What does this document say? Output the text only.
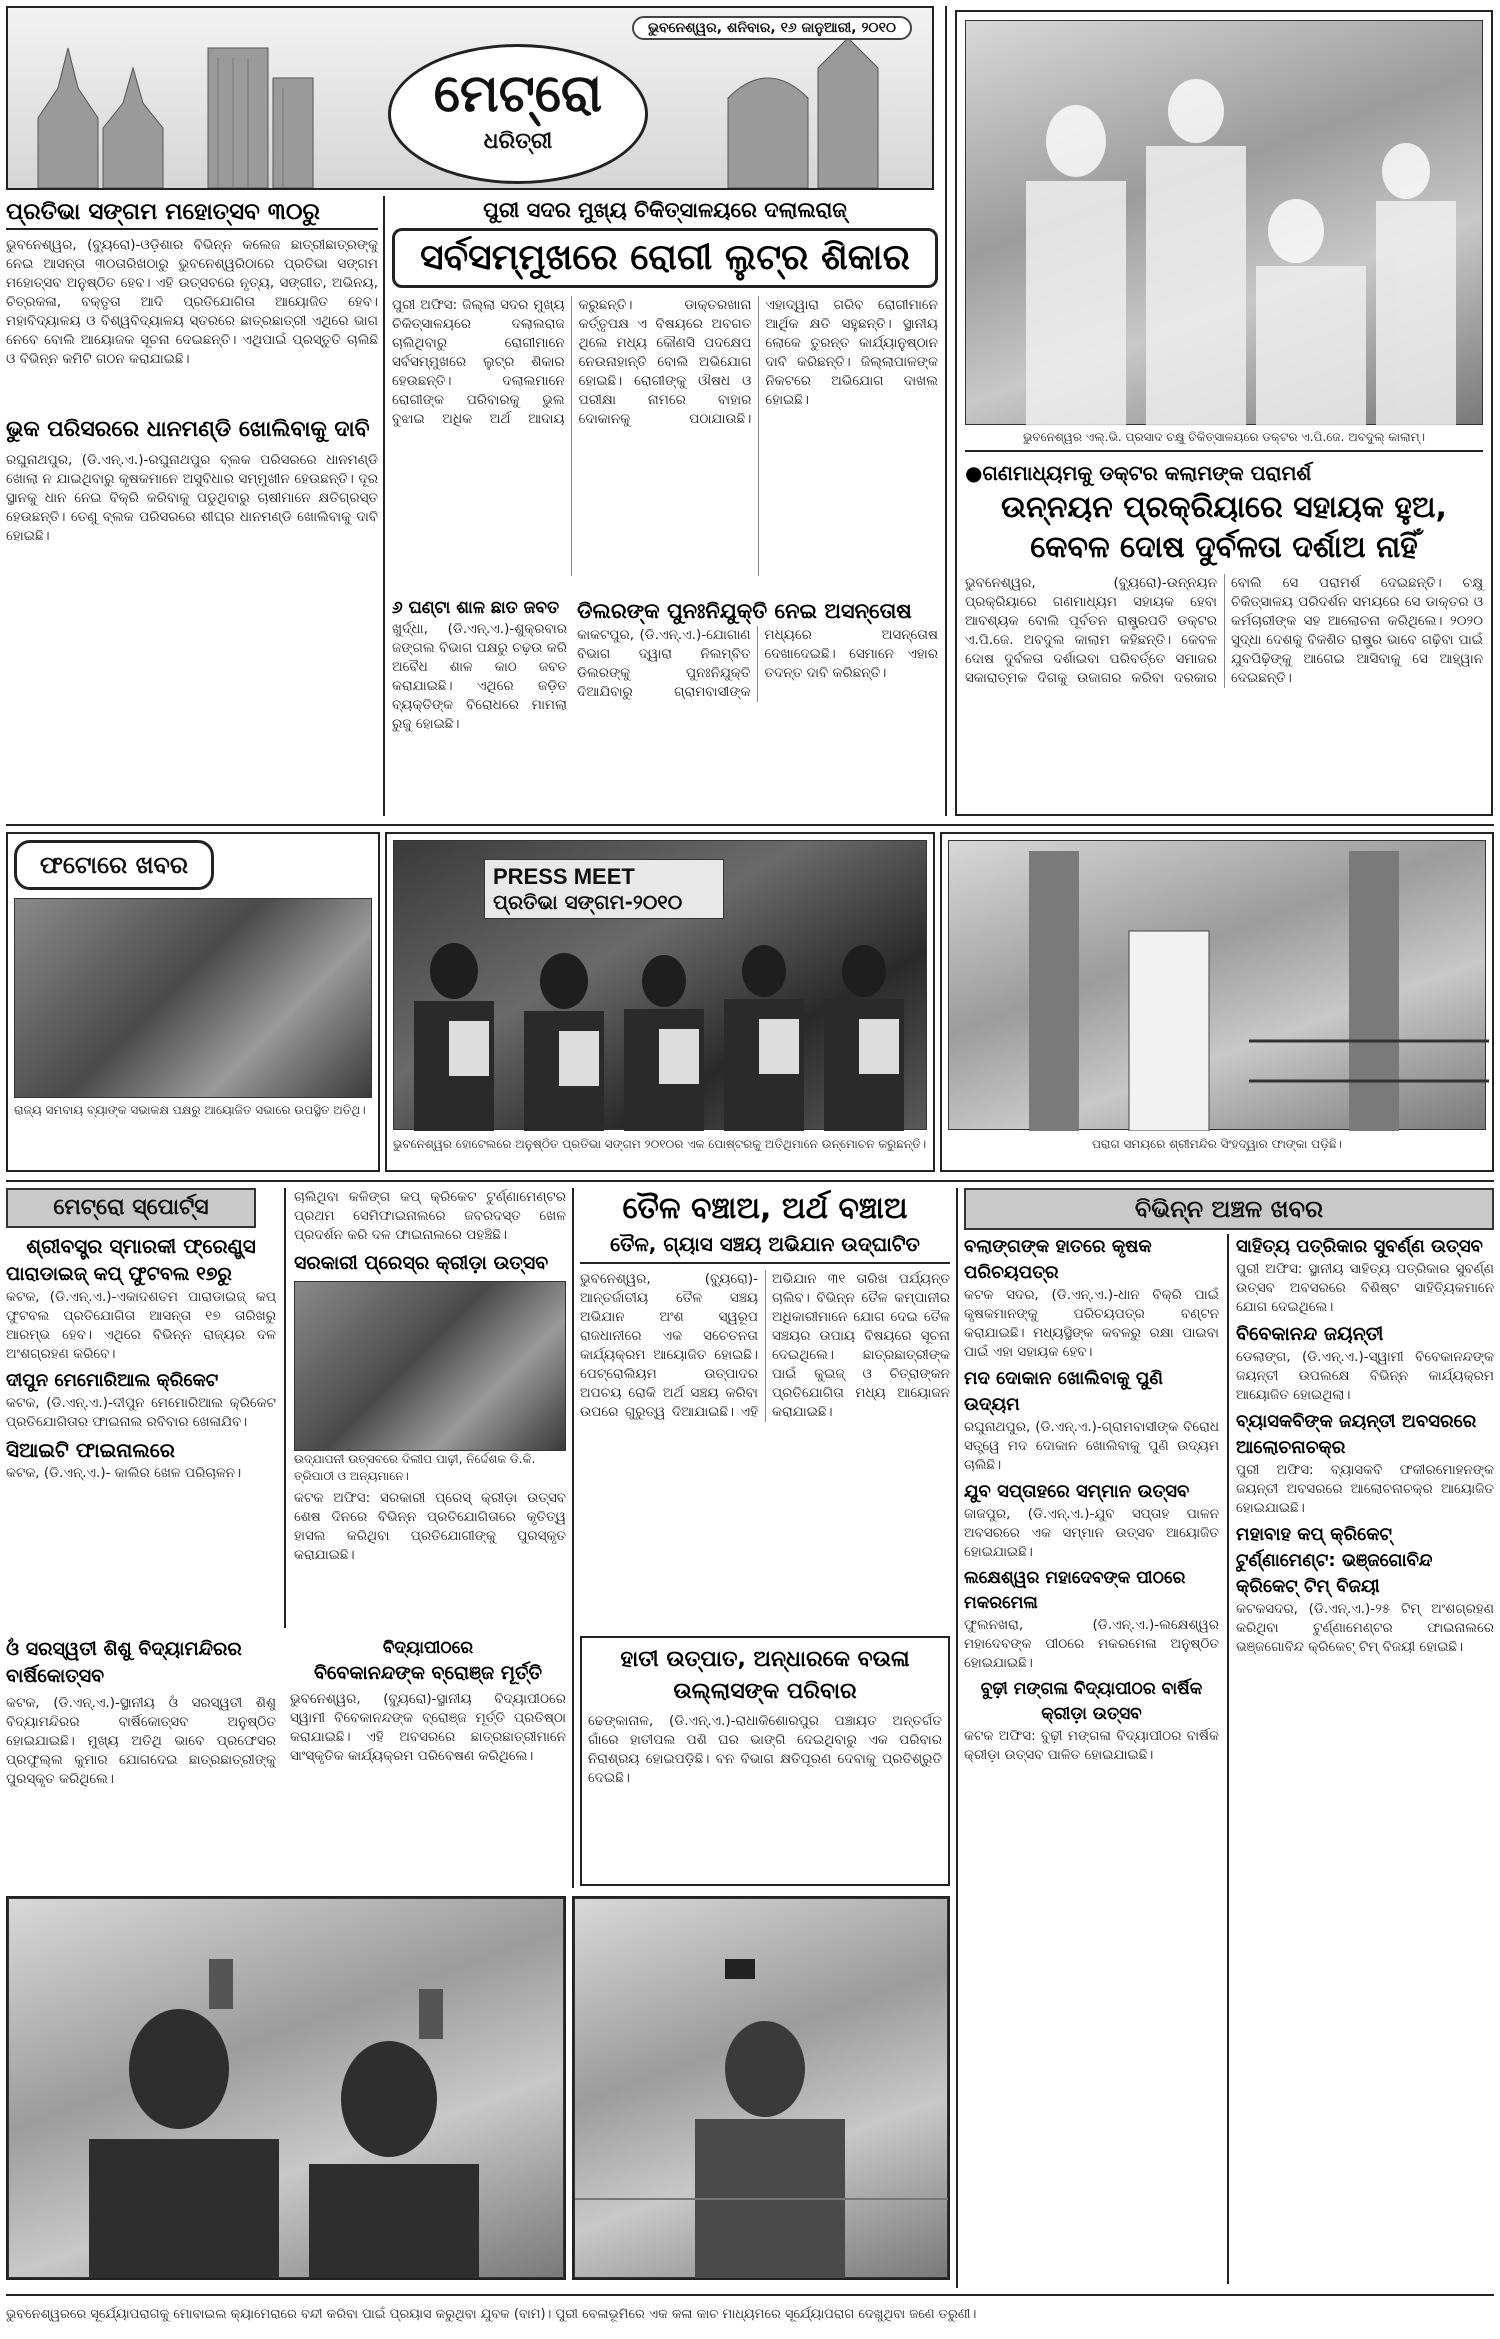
ଭୁବନେଶ୍ୱର, ଶନିବାର, ୧୬ ଜାନୁଆରୀ, ୨୦୧୦
ମେଟ୍ରୋ
ଧରିତ୍ରୀ
ପ୍ରତିଭା ସଙ୍ଗମ ମହୋତ୍ସବ ୩୦ରୁ
ଭୁବନେଶ୍ୱର, (ବ୍ୟୁରୋ)-ଓଡ଼ିଶାର ବିଭିନ୍ନ କଲେଜ ଛାତ୍ରୀଛାତ୍ରଙ୍କୁ ନେଇ ଆସନ୍ତା ୩୦ତାରିଖଠାରୁ ଭୁବନେଶ୍ୱରିଠାରେ ପ୍ରତିଭା ସଙ୍ଗମ ମହୋତ୍ସବ ଅନୁଷ୍ଠିତ ହେବ। ଏହି ଉତ୍ସବରେ ନୃତ୍ୟ, ସଙ୍ଗୀତ, ଅଭିନୟ, ଚିତ୍ରକଳା, ବକ୍ତୃତା ଆଦି ପ୍ରତିଯୋଗିତା ଆୟୋଜିତ ହେବ। ମହାବିଦ୍ୟାଳୟ ଓ ବିଶ୍ୱବିଦ୍ୟାଳୟ ସ୍ତରରେ ଛାତ୍ରଛାତ୍ରୀ ଏଥିରେ ଭାଗ ନେବେ ବୋଲି ଆୟୋଜକ ସୂଚନା ଦେଇଛନ୍ତି। ଏଥିପାଇଁ ପ୍ରସ୍ତୁତି ଚାଲିଛି ଓ ବିଭିନ୍ନ କମିଟି ଗଠନ କରାଯାଇଛି।
ଭୁକ ପରିସରରେ ଧାନମଣ୍ଡି ଖୋଲିବାକୁ ଦାବି
ରଘୁନାଥପୁର, (ଡି.ଏନ୍.ଏ.)-ରଘୁନାଥପୁର ବ୍ଲକ ପରିସରରେ ଧାନମଣ୍ଡି ଖୋଲା ନ ଯାଇଥିବାରୁ କୃଷକମାନେ ଅସୁବିଧାର ସମ୍ମୁଖୀନ ହେଉଛନ୍ତି। ଦୂର ସ୍ଥାନକୁ ଧାନ ନେଇ ବିକ୍ରି କରିବାକୁ ପଡୁଥିବାରୁ ଚାଷୀମାନେ କ୍ଷତିଗ୍ରସ୍ତ ହେଉଛନ୍ତି। ତେଣୁ ବ୍ଲକ ପରିସରରେ ଶୀଘ୍ର ଧାନମଣ୍ଡି ଖୋଲିବାକୁ ଦାବି ହୋଇଛି।
ପୁରୀ ସଦର ମୁଖ୍ୟ ଚିକିତ୍ସାଳୟରେ ଦଲାଲରାଜ୍
ସର୍ବସମ୍ମୁଖରେ ରୋଗୀ ଲୁଟ୍‌ର ଶିକାର
ପୁରୀ ଅଫିସ: ଜିଲ୍ଲା ସଦର ମୁଖ୍ୟ ଚିକିତ୍ସାଳୟରେ ଦଲାଲରାଜ ଚାଲିଥିବାରୁ ରୋଗୀମାନେ ସର୍ବସମ୍ମୁଖରେ ଲୁଟ୍‌ର ଶିକାର ହେଉଛନ୍ତି। ଦଲାଲମାନେ ରୋଗୀଙ୍କ ପରିବାରକୁ ଭୁଲ ବୁଝାଇ ଅଧିକ ଅର୍ଥ ଆଦାୟ କରୁଛନ୍ତି। ଡାକ୍ତରଖାନା କର୍ତ୍ତୃପକ୍ଷ ଏ ବିଷୟରେ ଅବଗତ ଥିଲେ ମଧ୍ୟ କୌଣସି ପଦକ୍ଷେପ ନେଉନାହାନ୍ତି ବୋଲି ଅଭିଯୋଗ ହୋଇଛି। ରୋଗୀଙ୍କୁ ଔଷଧ ଓ ପରୀକ୍ଷା ନାମରେ ବାହାର ଦୋକାନକୁ ପଠାଯାଉଛି। ଏହାଦ୍ୱାରା ଗରିବ ରୋଗୀମାନେ ଆର୍ଥିକ କ୍ଷତି ସହୁଛନ୍ତି। ସ୍ଥାନୀୟ ଲୋକେ ତୁରନ୍ତ କାର୍ଯ୍ୟାନୁଷ୍ଠାନ ଦାବି କରିଛନ୍ତି। ଜିଲ୍ଲାପାଳଙ୍କ ନିକଟରେ ଅଭିଯୋଗ ଦାଖଲ ହୋଇଛି।
୬ ଘଣ୍ଟା ଶାଳ ଛାତ ଜବତ
ଖୁର୍ଦ୍ଧା, (ଡି.ଏନ୍.ଏ.)-ଶୁକ୍ରବାର ଜଙ୍ଗଲ ବିଭାଗ ପକ୍ଷରୁ ଚଢ଼ଉ କରି ଅବୈଧ ଶାଳ କାଠ ଜବତ କରାଯାଇଛି। ଏଥିରେ ଜଡ଼ିତ ବ୍ୟକ୍ତିଙ୍କ ବିରୋଧରେ ମାମଲା ରୁଜୁ ହୋଇଛି।
ଡିଲରଙ୍କ ପୁନଃନିଯୁକ୍ତି ନେଇ ଅସନ୍ତୋଷ
କାକଟପୁର, (ଡି.ଏନ୍.ଏ.)-ଯୋଗାଣ ବିଭାଗ ଦ୍ୱାରା ନିଲମ୍ବିତ ଡିଲରଙ୍କୁ ପୁନଃନିଯୁକ୍ତି ଦିଆଯିବାରୁ ଗ୍ରାମବାସୀଙ୍କ ମଧ୍ୟରେ ଅସନ୍ତୋଷ ଦେଖାଦେଇଛି। ସେମାନେ ଏହାର ତଦନ୍ତ ଦାବି କରିଛନ୍ତି।
ଭୁବନେଶ୍ୱର ଏଲ୍.ଭି. ପ୍ରସାଦ ଚକ୍ଷୁ ଚିକିତ୍ସାଳୟରେ ଡକ୍ଟର ଏ.ପି.ଜେ. ଅବଦୁଲ୍ କାଲାମ୍।
●ଗଣମାଧ୍ୟମକୁ ଡକ୍ଟର କଲାମଙ୍କ ପରାମର୍ଶ
ଉନ୍ନୟନ ପ୍ରକ୍ରିୟାରେ ସହାୟକ ହୁଅ, କେବଳ ଦୋଷ ଦୁର୍ବଳତା ଦର୍ଶାଅ ନାହିଁ
ଭୁବନେଶ୍ୱର, (ବ୍ୟୁରୋ)-ଉନ୍ନୟନ ପ୍ରକ୍ରିୟାରେ ଗଣମାଧ୍ୟମ ସହାୟକ ହେବା ଆବଶ୍ୟକ ବୋଲି ପୂର୍ବତନ ରାଷ୍ଟ୍ରପତି ଡକ୍ଟର ଏ.ପି.ଜେ. ଅବଦୁଲ କାଲାମ କହିଛନ୍ତି। କେବଳ ଦୋଷ ଦୁର୍ବଳତା ଦର୍ଶାଇବା ପରିବର୍ତ୍ତେ ସମାଜର ସକାରାତ୍ମକ ଦିଗକୁ ଉଜାଗର କରିବା ଦରକାର ବୋଲି ସେ ପରାମର୍ଶ ଦେଇଛନ୍ତି। ଚକ୍ଷୁ ଚିକିତ୍ସାଳୟ ପରିଦର୍ଶନ ସମୟରେ ସେ ଡାକ୍ତର ଓ କର୍ମଚାରୀଙ୍କ ସହ ଆଲୋଚନା କରିଥିଲେ। ୨୦୨୦ ସୁଦ୍ଧା ଦେଶକୁ ବିକଶିତ ରାଷ୍ଟ୍ର ଭାବେ ଗଢ଼ିବା ପାଇଁ ଯୁବପିଢ଼ିଙ୍କୁ ଆଗେଇ ଆସିବାକୁ ସେ ଆହ୍ୱାନ ଦେଇଛନ୍ତି।
ଫଟୋରେ ଖବର
ରାଜ୍ୟ ସମବାୟ ବ୍ୟାଙ୍କ ସଭାକକ୍ଷ ପକ୍ଷରୁ ଆୟୋଜିତ ସଭାରେ ଉପସ୍ଥିତ ଅତିଥି।
PRESS MEET
ପ୍ରତିଭା ସଙ୍ଗମ-୨୦୧୦
ଭୁବନେଶ୍ୱର ହୋଟେଲରେ ଅନୁଷ୍ଠିତ ପ୍ରତିଭା ସଙ୍ଗମ ୨୦୧୦ର ଏକ ପୋଷ୍ଟରକୁ ଅତିଥିମାନେ ଉନ୍ମୋଚନ କରୁଛନ୍ତି।	ପରାଗ ସମୟରେ ଶ୍ରୀମନ୍ଦିର ସିଂହଦ୍ୱାର ଫାଙ୍କା ପଡ଼ିଛି।
ମେଟ୍ରୋ ସ୍ପୋର୍ଟ୍ସ
ଶ୍ରୀବସ୍ତ୍ର ସ୍ମାରକୀ ଫ୍ରେଣ୍ଡ୍ସ
ପାରାଡାଇଜ୍ କପ୍ ଫୁଟବଲ ୧୭ରୁ
କଟକ, (ଡି.ଏନ୍.ଏ.)-ଏକାଦଶତମ ପାରାଡାଇଜ୍ କପ୍ ଫୁଟବଲ ପ୍ରତିଯୋଗିତା ଆସନ୍ତା ୧୭ ତାରିଖରୁ ଆରମ୍ଭ ହେବ। ଏଥିରେ ବିଭିନ୍ନ ରାଜ୍ୟର ଦଳ ଅଂଶଗ୍ରହଣ କରିବେ।
ଦୀପୁନ ମେମୋରିଆଲ କ୍ରିକେଟ
କଟକ, (ଡି.ଏନ୍.ଏ.)-ଦୀପୁନ ମେମୋରିଆଲ କ୍ରିକେଟ ପ୍ରତିଯୋଗିତାର ଫାଇନାଲ ରବିବାର ଖେଳାଯିବ।
ସିଆଇଟି ଫାଇନାଲରେ
କଟକ, (ଡି.ଏନ୍.ଏ.)- କାଲିର ଖେଳ ପରିଚାଳନ।
ଚାଲିଥିବା କଳିଙ୍ଗ କପ୍ କ୍ରିକେଟ ଟୁର୍ଣ୍ଣାମେଣ୍ଟର ପ୍ରଥମ ସେମିଫାଇନାଲରେ ଜବରଦସ୍ତ ଖେଳ ପ୍ରଦର୍ଶନ କରି ଦଳ ଫାଇନାଲରେ ପହଞ୍ଚିଛି।
ସରକାରୀ ପ୍ରେସ୍‌ର କ୍ରୀଡ଼ା ଉତ୍ସବ
ଉଦ୍‌ଯାପନୀ ଉତ୍ସବରେ ଦିଲୀପ ପାଢ଼ୀ, ନିର୍ଦ୍ଦେଶକ ଡି.କି. ତ୍ରିପାଠୀ ଓ ଅନ୍ୟମାନେ।
କଟକ ଅଫିସ: ସରକାରୀ ପ୍ରେସ୍ କ୍ରୀଡ଼ା ଉତ୍ସବ ଶେଷ ଦିନରେ ବିଭିନ୍ନ ପ୍ରତିଯୋଗିତାରେ କୃତିତ୍ୱ ହାସଲ କରିଥିବା ପ୍ରତିଯୋଗୀଙ୍କୁ ପୁରସ୍କୃତ କରାଯାଇଛି।
ଓଁ ସରସ୍ୱତୀ ଶିଶୁ ବିଦ୍ୟାମନ୍ଦିରର ବାର୍ଷିକୋତ୍ସବ
କଟକ, (ଡି.ଏନ୍.ଏ.)-ସ୍ଥାନୀୟ ଓଁ ସରସ୍ୱତୀ ଶିଶୁ ବିଦ୍ୟାମନ୍ଦିରର ବାର୍ଷିକୋତ୍ସବ ଅନୁଷ୍ଠିତ ହୋଇଯାଇଛି। ମୁଖ୍ୟ ଅତିଥି ଭାବେ ପ୍ରଫେସର ପ୍ରଫୁଲ୍ଲ କୁମାର ଯୋଗଦେଇ ଛାତ୍ରଛାତ୍ରୀଙ୍କୁ ପୁରସ୍କୃତ କରିଥିଲେ।
ବିଦ୍ୟାପୀଠରେ
ବିବେକାନନ୍ଦଙ୍କ ବ୍ରୋଞ୍ଜ ମୂର୍ତ୍ତି
ଭୁବନେଶ୍ୱର, (ବ୍ୟୁରୋ)-ସ୍ଥାନୀୟ ବିଦ୍ୟାପୀଠରେ ସ୍ୱାମୀ ବିବେକାନନ୍ଦଙ୍କ ବ୍ରୋଞ୍ଜ ମୂର୍ତ୍ତି ପ୍ରତିଷ୍ଠା କରାଯାଇଛି। ଏହି ଅବସରରେ ଛାତ୍ରଛାତ୍ରୀମାନେ ସାଂସ୍କୃତିକ କାର୍ଯ୍ୟକ୍ରମ ପରିବେଷଣ କରିଥିଲେ।
ତୈଳ ବଞ୍ଚାଅ, ଅର୍ଥ ବଞ୍ଚାଅ
ତୈଳ, ଗ୍ୟାସ ସଞ୍ଚୟ ଅଭିଯାନ ଉଦ୍‌ଘାଟିତ
ଭୁବନେଶ୍ୱର, (ବ୍ୟୁରୋ)-ଆନ୍ତର୍ଜାତୀୟ ତୈଳ ସଞ୍ଚୟ ଅଭିଯାନ ଅଂଶ ସ୍ୱରୂପ ରାଜଧାନୀରେ ଏକ ସଚେତନତା କାର୍ଯ୍ୟକ୍ରମ ଆୟୋଜିତ ହୋଇଛି। ପେଟ୍ରୋଲିୟମ ଉତ୍ପାଦର ଅପଚୟ ରୋକି ଅର୍ଥ ସଞ୍ଚୟ କରିବା ଉପରେ ଗୁରୁତ୍ୱ ଦିଆଯାଇଛି। ଏହି ଅଭିଯାନ ୩୧ ତାରିଖ ପର୍ଯ୍ୟନ୍ତ ଚାଲିବ। ବିଭିନ୍ନ ତୈଳ କମ୍ପାନୀର ଅଧିକାରୀମାନେ ଯୋଗ ଦେଇ ତୈଳ ସଞ୍ଚୟର ଉପାୟ ବିଷୟରେ ସୂଚନା ଦେଇଥିଲେ। ଛାତ୍ରଛାତ୍ରୀଙ୍କ ପାଇଁ କୁଇଜ୍ ଓ ଚିତ୍ରାଙ୍କନ ପ୍ରତିଯୋଗିତା ମଧ୍ୟ ଆୟୋଜନ କରାଯାଇଛି।
ହାତୀ ଉତ୍ପାତ, ଅନ୍ଧାରକେ ବଉଳା ଉଲ୍ଲାସଙ୍କ ପରିବାର
ଢେଙ୍କାନାଳ, (ଡି.ଏନ୍.ଏ.)-ରାଧାକିଶୋରପୁର ପଞ୍ଚାୟତ ଅନ୍ତର୍ଗତ ଗାଁରେ ହାତୀପଲ ପଶି ଘର ଭାଙ୍ଗି ଦେଇଥିବାରୁ ଏକ ପରିବାର ନିରାଶ୍ରୟ ହୋଇପଡ଼ିଛି। ବନ ବିଭାଗ କ୍ଷତିପୂରଣ ଦେବାକୁ ପ୍ରତିଶ୍ରୁତି ଦେଇଛି।
ବିଭିନ୍ନ ଅଞ୍ଚଳ ଖବର
ବଲାଙ୍ଗଙ୍କ ହାତରେ କୃଷକ ପରିଚୟପତ୍ର
କଟକ ସଦର, (ଡି.ଏନ୍.ଏ.)-ଧାନ ବିକ୍ରି ପାଇଁ କୃଷକମାନଙ୍କୁ ପରିଚୟପତ୍ର ବଣ୍ଟନ କରାଯାଇଛି। ମଧ୍ୟସ୍ଥିଙ୍କ କବଳରୁ ରକ୍ଷା ପାଇବା ପାଇଁ ଏହା ସହାୟକ ହେବ।
ମଦ ଦୋକାନ ଖୋଲିବାକୁ ପୁଣି ଉଦ୍ୟମ
ରଘୁନାଥପୁର, (ଡି.ଏନ୍.ଏ.)-ଗ୍ରାମବାସୀଙ୍କ ବିରୋଧ ସତ୍ତ୍ୱେ ମଦ ଦୋକାନ ଖୋଲିବାକୁ ପୁଣି ଉଦ୍ୟମ ଚାଲିଛି।
ଯୁବ ସପ୍ତାହରେ ସମ୍ମାନ ଉତ୍ସବ
ଜାଜପୁର, (ଡି.ଏନ୍.ଏ.)-ଯୁବ ସପ୍ତାହ ପାଳନ ଅବସରରେ ଏକ ସମ୍ମାନ ଉତ୍ସବ ଆୟୋଜିତ ହୋଇଯାଇଛି।
ଲକ୍ଷେଶ୍ୱର ମହାଦେବଙ୍କ ପୀଠରେ ମକରମେଳା
ଫୁଲନଖରା, (ଡି.ଏନ୍.ଏ.)-ଲକ୍ଷେଶ୍ୱର ମହାଦେବଙ୍କ ପୀଠରେ ମକରମେଳା ଅନୁଷ୍ଠିତ ହୋଇଯାଇଛି।
ବୁଢ଼ୀ ମଙ୍ଗଳା ବିଦ୍ୟାପୀଠର ବାର୍ଷିକ କ୍ରୀଡ଼ା ଉତ୍ସବ
କଟକ ଅଫିସ: ବୁଢ଼ୀ ମଙ୍ଗଳା ବିଦ୍ୟାପୀଠର ବାର୍ଷିକ କ୍ରୀଡ଼ା ଉତ୍ସବ ପାଳିତ ହୋଇଯାଇଛି।
ସାହିତ୍ୟ ପତ୍ରିକାର ସୁବର୍ଣ୍ଣ ଉତ୍ସବ
ପୁରୀ ଅଫିସ: ସ୍ଥାନୀୟ ସାହିତ୍ୟ ପତ୍ରିକାର ସୁବର୍ଣ୍ଣ ଉତ୍ସବ ଅବସରରେ ବିଶିଷ୍ଟ ସାହିତ୍ୟିକମାନେ ଯୋଗ ଦେଇଥିଲେ।
ବିବେକାନନ୍ଦ ଜୟନ୍ତୀ
ଡେଲାଙ୍ଗ, (ଡି.ଏନ୍.ଏ.)-ସ୍ୱାମୀ ବିବେକାନନ୍ଦଙ୍କ ଜୟନ୍ତୀ ଉପଲକ୍ଷେ ବିଭିନ୍ନ କାର୍ଯ୍ୟକ୍ରମ ଆୟୋଜିତ ହୋଇଥିଲା।
ବ୍ୟାସକବିଙ୍କ ଜୟନ୍ତୀ ଅବସରରେ ଆଲୋଚନାଚକ୍ର
ପୁରୀ ଅଫିସ: ବ୍ୟାସକବି ଫକୀରମୋହନଙ୍କ ଜୟନ୍ତୀ ଅବସରରେ ଆଲୋଚନାଚକ୍ର ଆୟୋଜିତ ହୋଇଯାଇଛି।
ମହାବାହ କପ୍ କ୍ରିକେଟ୍ ଟୁର୍ଣ୍ଣାମେଣ୍ଟ: ଭଞ୍ଜଗୋବିନ୍ଦ କ୍ରିକେଟ୍ ଟିମ୍ ବିଜୟୀ
କଟକସଦର, (ଡି.ଏନ୍.ଏ.)-୨୫ ଟିମ୍ ଅଂଶଗ୍ରହଣ କରିଥିବା ଟୁର୍ଣ୍ଣାମେଣ୍ଟର ଫାଇନାଲରେ ଭଞ୍ଜଗୋବିନ୍ଦ କ୍ରିକେଟ୍ ଟିମ୍ ବିଜୟୀ ହୋଇଛି।
ଭୁବନେଶ୍ୱରରେ ସୂର୍ଯ୍ୟୋପରାଗକୁ ମୋବାଇଲ କ୍ୟାମେରାରେ ବନ୍ଦୀ କରିବା ପାଇଁ ପ୍ରୟାସ କରୁଥିବା ଯୁବକ (ବାମ)। ପୁରୀ ବେଳାଭୂମିରେ ଏକ କଳା କାଚ ମାଧ୍ୟମରେ ସୂର୍ଯ୍ୟୋପରାଗ ଦେଖୁଥିବା ଜଣେ ତରୁଣୀ।
